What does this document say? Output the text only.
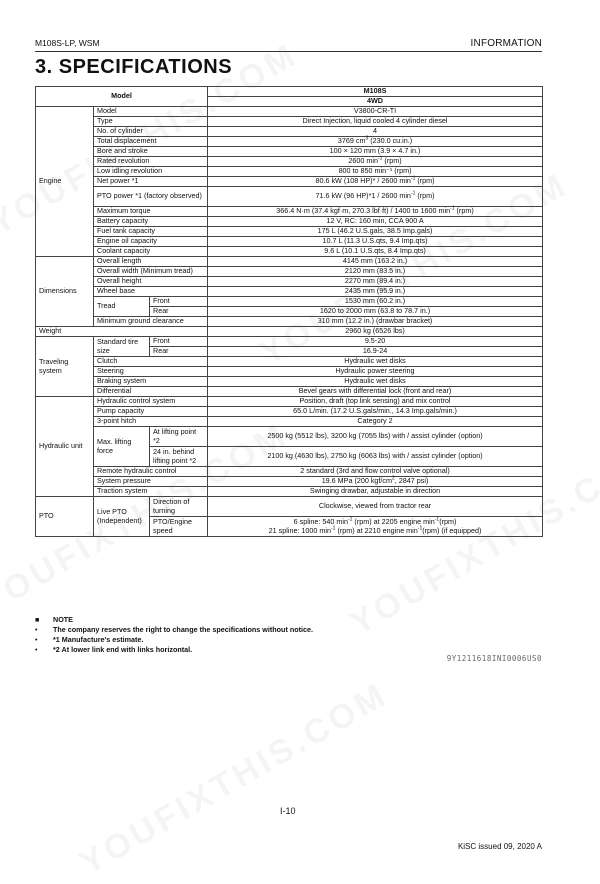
M108S-LP, WSM	INFORMATION
3. SPECIFICATIONS
Model			M108S
			4WD
Engine	Model		V3800-CR-TI
	Type		Direct Injection, liquid cooled 4 cylinder diesel
	No. of cylinder		4
	Total displacement		3769 $cm^3$ (230.0 cu.in.)
	Bore and stroke		100 × 120 mm (3.9 × 4.7 in.)
	Rated revolution		2600 $\min^{-1} (rpm)$
	Low idling revolution		800 to 850 min⁻¹ (rpm)
	Net power *1		80.6 kW (108 HP)* / 2600 $\min^{-1} (rpm)$
	PTO power *1 (factory observed)		71.6 kW (96 HP)*1 / 2600 $\min^{-1} (rpm)$
	Maximum torque		366.4 N·m (37.4 kgf·m, 270.3 lbf·ft) / 1400 to 1600 $\min^{-1} (rpm)$
	Battery capacity		12 V, RC: 160 min, CCA 900 A
	Fuel tank capacity		175 L (46.2 U.S.gals, 38.5 Imp.gals)
	Engine oil capacity		10.7 L (11.3 U.S.qts, 9.4 Imp.qts)
	Coolant capacity		9.6 L (10.1 U.S.qts, 8.4 Imp.qts)
Dimensions	Overall length		4145 mm (163.2 in.)
	Overall width (Minimum tread)		2120 mm (83.5 in.)
	Overall height		2270 mm (89.4 in.)
	Wheel base		2435 mm (95.9 in.)
	Tread	Front	1530 mm (60.2 in.)
		Rear	1620 to 2000 mm (63.8 to 78.7 in.)
	Minimum ground clearance		310 mm (12.2 in.) (drawbar bracket)
Weight			2960 kg (6526 lbs)
Traveling system	Standard tire size	Front	9.5-20
		Rear	16.9-24
	Clutch		Hydraulic wet disks
	Steering		Hydraulic power steering
	Braking system		Hydraulic wet disks
	Differential		Bevel gears with differential lock (front and rear)
Hydraulic unit	Hydraulic control system		Position, draft (top link sensing) and mix control
	Pump capacity		65.0 L/min. (17.2 U.S.gals/min., 14.3 Imp.gals/min.)
	3-point hitch		Category 2
	Max. lifting force	At lifting point *2	2500 kg (5512 lbs), 3200 kg (7055 lbs) with / assist cylinder (option)
		24 in. behind lifting point *2	2100 kg (4630 lbs), 2750 kg (6063 lbs) with / assist cylinder (option)
	Remote hydraulic control		2 standard (3rd and flow control valve optional)
	System pressure		19.6 MPa (200 kgf/$cm^2$, 2847 psi)
	Traction system		Swinging drawbar, adjustable in direction
PTO	Live PTO (Independent)	Direction of turning	Clockwise, viewed from tractor rear
		PTO/Engine speed	6 spline: 540 $\min^{-1} (rpm)$ at 2205 engine $\min^{-1}(rpm)$
21 spline: 1000 $\min^{-1} (rpm)$ at 2210 engine $\min^{-1}(rpm)$ (if equipped)
■ NOTE
• The company reserves the right to change the specifications without notice.
• *1 Manufacture's estimate.
• *2 At lower link end with links horizontal.
9Y1211618INI0006US0
I-10
KiSC issued 09, 2020 A
